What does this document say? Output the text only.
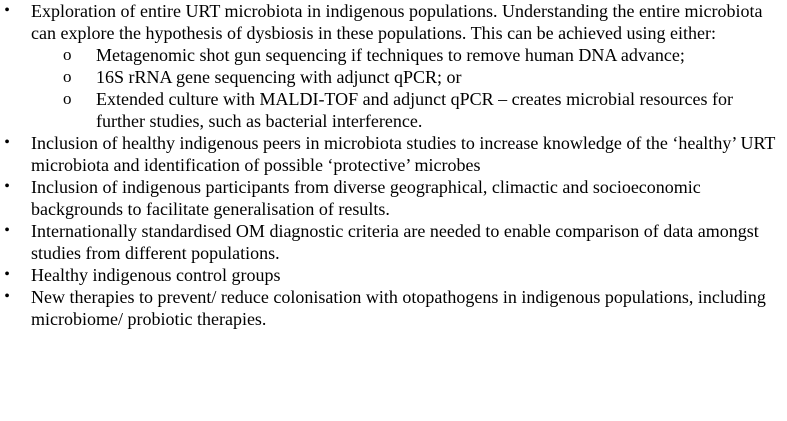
• Exploration of entire URT microbiota in indigenous populations. Understanding the entire microbiota can explore the hypothesis of dysbiosis in these populations. This can be achieved using either:
o Metagenomic shot gun sequencing if techniques to remove human DNA advance;
o 16S rRNA gene sequencing with adjunct qPCR; or
o Extended culture with MALDI-TOF and adjunct qPCR – creates microbial resources for further studies, such as bacterial interference.
• Inclusion of healthy indigenous peers in microbiota studies to increase knowledge of the ‘healthy’ URT microbiota and identification of possible ‘protective’ microbes
• Inclusion of indigenous participants from diverse geographical, climactic and socioeconomic backgrounds to facilitate generalisation of results.
• Internationally standardised OM diagnostic criteria are needed to enable comparison of data amongst studies from different populations.
• Healthy indigenous control groups
• New therapies to prevent/ reduce colonisation with otopathogens in indigenous populations, including microbiome/ probiotic therapies.
